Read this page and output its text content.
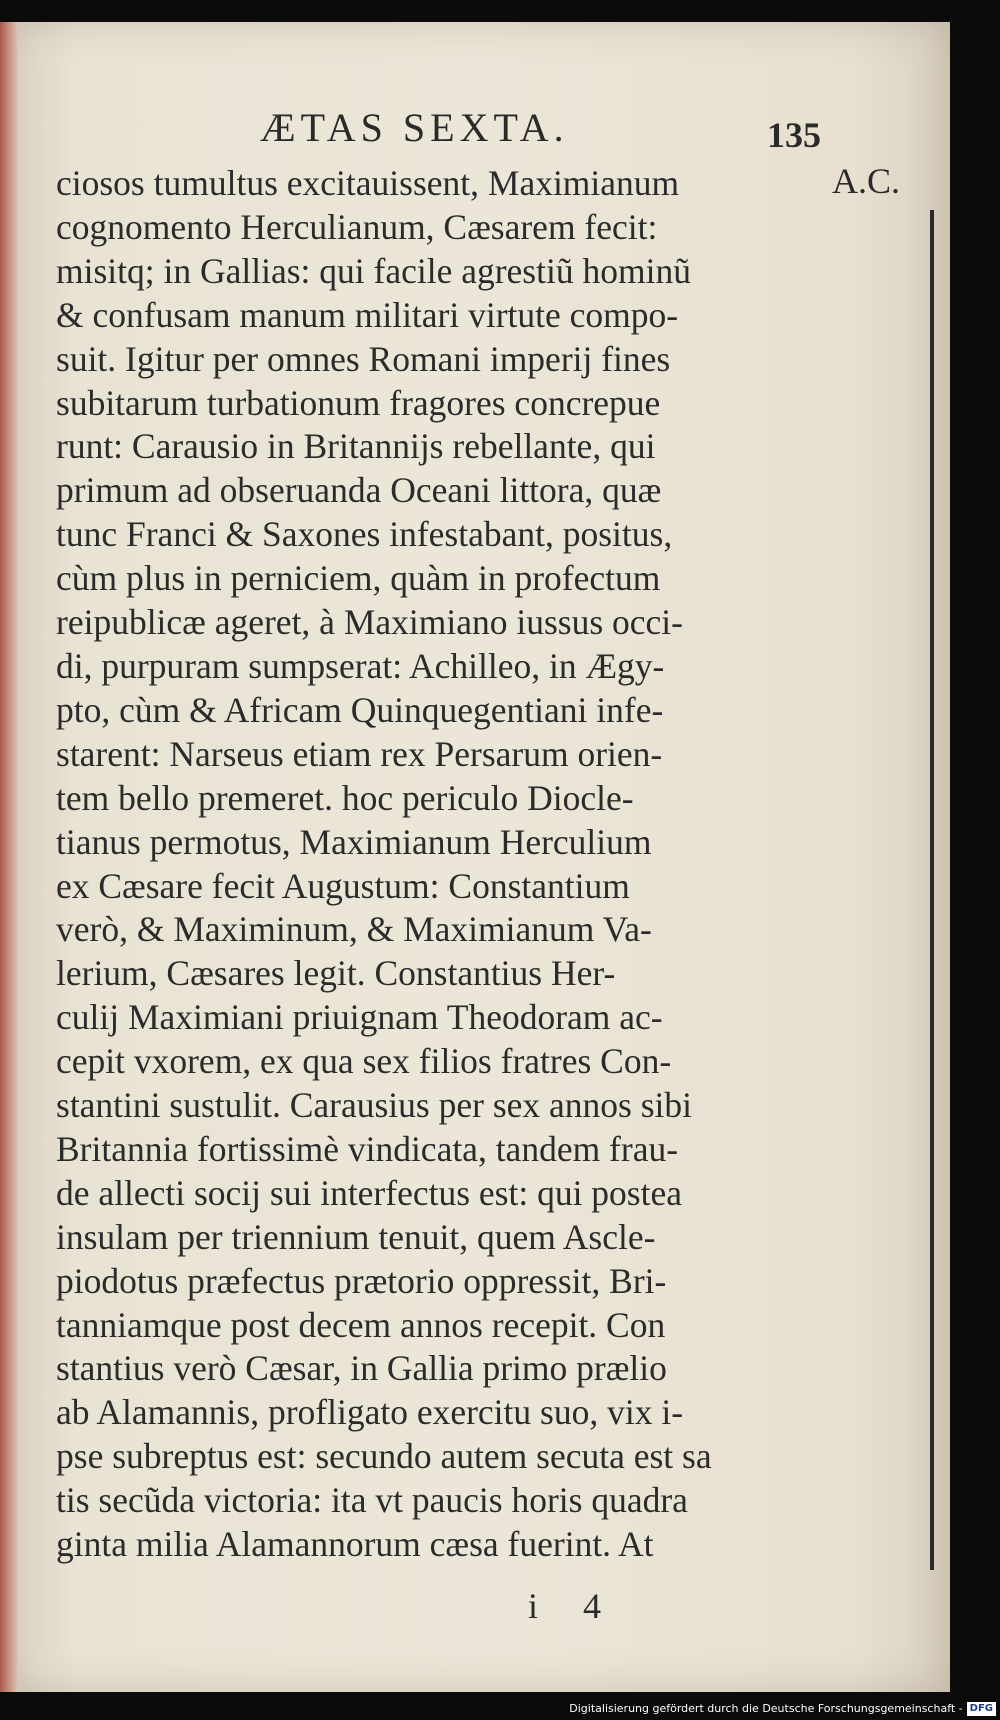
ÆTAS SEXTA.	135
A.C.
ciosos tumultus excitauissent, Maximianum
cognomento Herculianum, Cæsarem fecit:
misitq; in Gallias: qui facile agrestiũ hominũ
& confusam manum militari virtute compo-
suit. Igitur per omnes Romani imperij fines
subitarum turbationum fragores concrepue
runt: Carausio in Britannijs rebellante, qui
primum ad obseruanda Oceani littora, quæ
tunc Franci & Saxones infestabant, positus,
cùm plus in perniciem, quàm in profectum
reipublicæ ageret, à Maximiano iussus occi-
di, purpuram sumpserat: Achilleo, in Ægy-
pto, cùm & Africam Quinquegentiani infe-
starent: Narseus etiam rex Persarum orien-
tem bello premeret. hoc periculo Diocle-
tianus permotus, Maximianum Herculium
ex Cæsare fecit Augustum: Constantium
verò, & Maximinum, & Maximianum Va-
lerium, Cæsares legit. Constantius Her-
culij Maximiani priuignam Theodoram ac-
cepit vxorem, ex qua sex filios fratres Con-
stantini sustulit. Carausius per sex annos sibi
Britannia fortissimè vindicata, tandem frau-
de allecti socij sui interfectus est: qui postea
insulam per triennium tenuit, quem Ascle-
piodotus præfectus prætorio oppressit, Bri-
tanniamque post decem annos recepit. Con
stantius verò Cæsar, in Gallia primo prælio
ab Alamannis, profligato exercitu suo, vix i-
pse subreptus est: secundo autem secuta est sa
tis secũda victoria: ita vt paucis horis quadra
ginta milia Alamannorum cæsa fuerint. At
i 4
Digitalisierung gefördert durch die Deutsche Forschungsgemeinschaft - DFG
